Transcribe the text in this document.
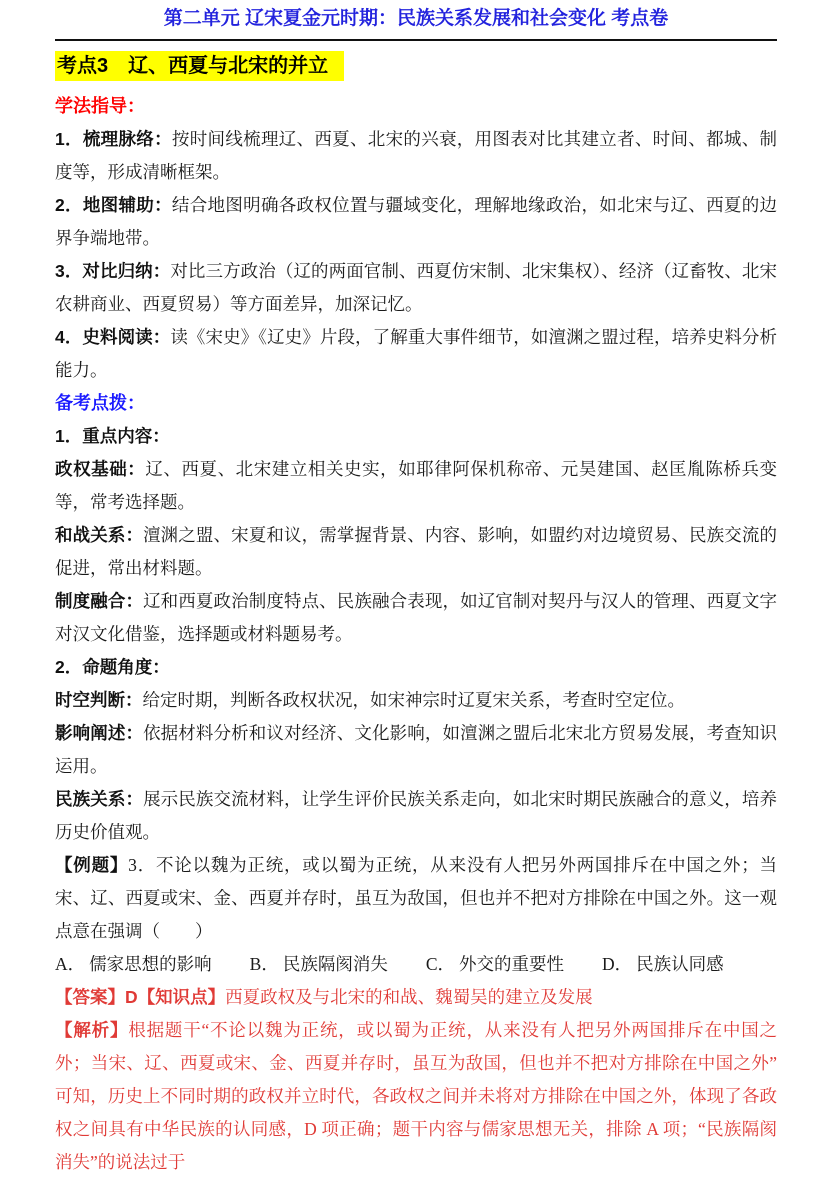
第二单元 辽宋夏金元时期：民族关系发展和社会变化 考点卷
考点3　辽、西夏与北宋的并立

学法指导：

1．梳理脉络：按时间线梳理辽、西夏、北宋的兴衰，用图表对比其建立者、时间、都城、制度等，形成清晰框架。

2．地图辅助：结合地图明确各政权位置与疆域变化，理解地缘政治，如北宋与辽、西夏的边界争端地带。

3．对比归纳：对比三方政治（辽的两面官制、西夏仿宋制、北宋集权）、经济（辽畜牧、北宋农耕商业、西夏贸易）等方面差异，加深记忆。

4．史料阅读：读《宋史》《辽史》片段，了解重大事件细节，如澶渊之盟过程，培养史料分析能力。

备考点拨：

1．重点内容：

政权基础：辽、西夏、北宋建立相关史实，如耶律阿保机称帝、元昊建国、赵匡胤陈桥兵变等，常考选择题。

和战关系：澶渊之盟、宋夏和议，需掌握背景、内容、影响，如盟约对边境贸易、民族交流的促进，常出材料题。

制度融合：辽和西夏政治制度特点、民族融合表现，如辽官制对契丹与汉人的管理、西夏文字对汉文化借鉴，选择题或材料题易考。

2．命题角度：

时空判断：给定时期，判断各政权状况，如宋神宗时辽夏宋关系，考查时空定位。

影响阐述：依据材料分析和议对经济、文化影响，如澶渊之盟后北宋北方贸易发展，考查知识运用。

民族关系：展示民族交流材料，让学生评价民族关系走向，如北宋时期民族融合的意义，培养历史价值观。

【例题】3．不论以魏为正统，或以蜀为正统，从来没有人把另外两国排斥在中国之外；当宋、辽、西夏或宋、金、西夏并存时，虽互为敌国，但也并不把对方排除在中国之外。这一观点意在强调（　　）

A． 儒家思想的影响 B． 民族隔阂消失 C． 外交的重要性 D． 民族认同感

【答案】D【知识点】西夏政权及与北宋的和战、魏蜀吴的建立及发展

【解析】根据题干“不论以魏为正统，或以蜀为正统，从来没有人把另外两国排斥在中国之外；当宋、辽、西夏或宋、金、西夏并存时，虽互为敌国，但也并不把对方排除在中国之外”可知，历史上不同时期的政权并立时代，各政权之间并未将对方排除在中国之外，体现了各政权之间具有中华民族的认同感，D 项正确；题干内容与儒家思想无关，排除 A 项；“民族隔阂消失”的说法过于
